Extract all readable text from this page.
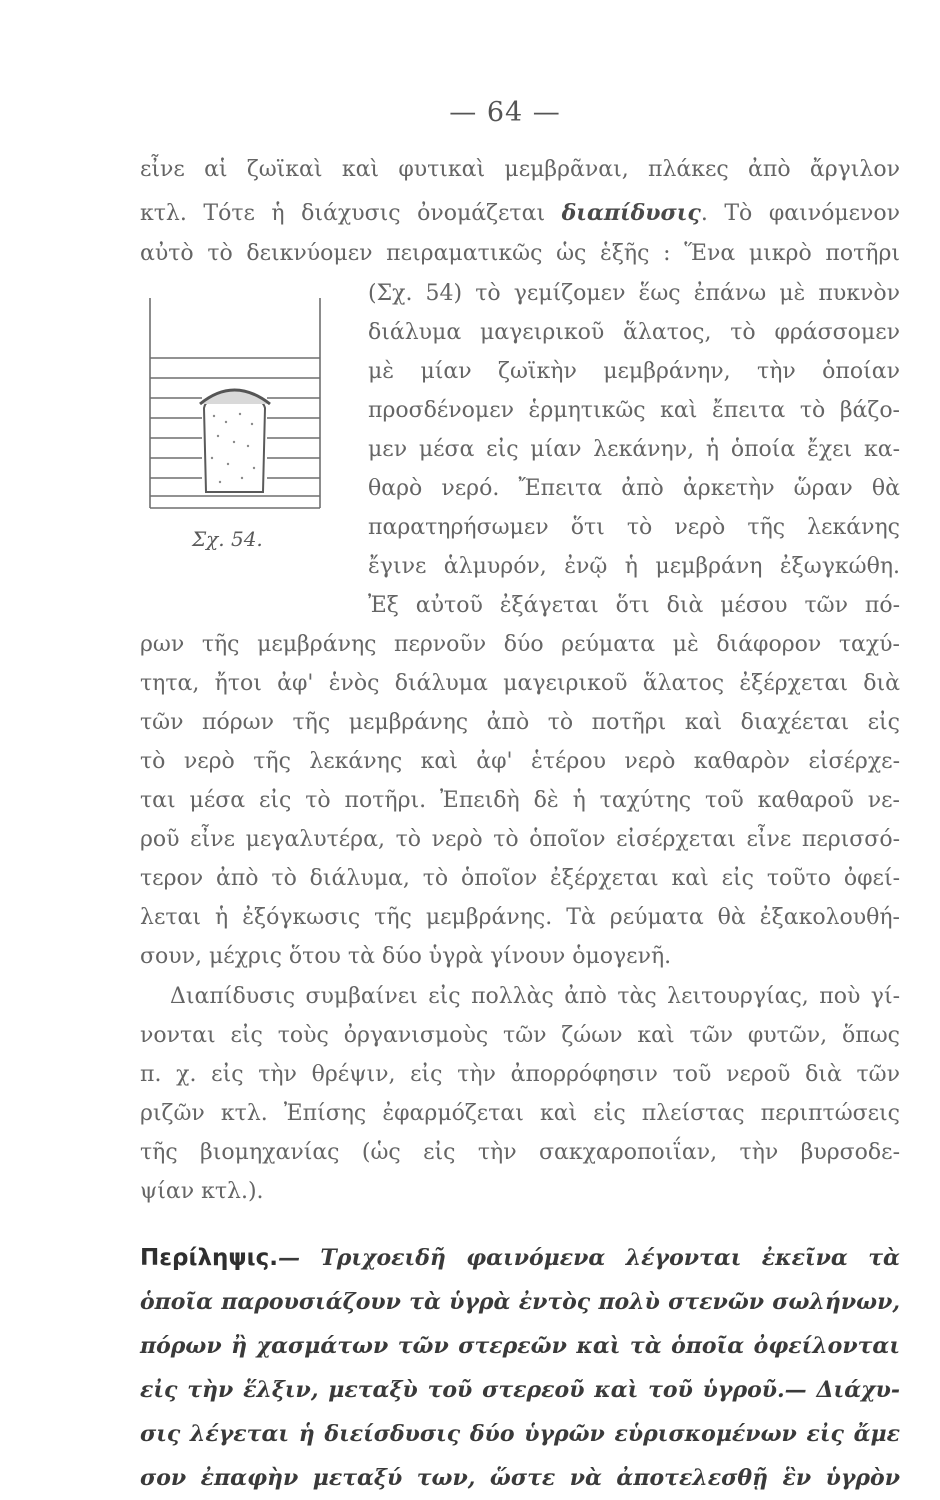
— 64 —
εἶνε αἱ ζωϊκαὶ καὶ φυτικαὶ μεμβρᾶναι, πλάκες ἀπὸ ἄργιλον
κτλ. Τότε ἡ διάχυσις ὀνομάζεται διαπίδυσις. Τὸ φαινόμενον
αὐτὸ τὸ δεικνύομεν πειραματικῶς ὡς ἑξῆς : Ἕνα μικρὸ ποτῆρι
Σχ. 54.
(Σχ. 54) τὸ γεμίζομεν ἕως ἐπάνω μὲ πυκνὸν
διάλυμα μαγειρικοῦ ἅλατος, τὸ φράσσομεν
μὲ μίαν ζωϊκὴν μεμβράνην, τὴν ὁποίαν
προσδένομεν ἑρμητικῶς καὶ ἔπειτα τὸ βάζο-
μεν μέσα εἰς μίαν λεκάνην, ἡ ὁποία ἔχει κα-
θαρὸ νερό. Ἔπειτα ἀπὸ ἀρκετὴν ὥραν θὰ
παρατηρήσωμεν ὅτι τὸ νερὸ τῆς λεκάνης
ἔγινε ἁλμυρόν, ἐνῷ ἡ μεμβράνη ἐξωγκώθη.
Ἐξ αὐτοῦ ἐξάγεται ὅτι διὰ μέσου τῶν πό-
ρων τῆς μεμβράνης περνοῦν δύο ρεύματα μὲ διάφορον ταχύ-
τητα, ἤτοι ἀφ' ἑνὸς διάλυμα μαγειρικοῦ ἅλατος ἐξέρχεται διὰ
τῶν πόρων τῆς μεμβράνης ἀπὸ τὸ ποτῆρι καὶ διαχέεται εἰς
τὸ νερὸ τῆς λεκάνης καὶ ἀφ' ἑτέρου νερὸ καθαρὸν εἰσέρχε-
ται μέσα εἰς τὸ ποτῆρι. Ἐπειδὴ δὲ ἡ ταχύτης τοῦ καθαροῦ νε-
ροῦ εἶνε μεγαλυτέρα, τὸ νερὸ τὸ ὁποῖον εἰσέρχεται εἶνε περισσό-
τερον ἀπὸ τὸ διάλυμα, τὸ ὁποῖον ἐξέρχεται καὶ εἰς τοῦτο ὀφεί-
λεται ἡ ἐξόγκωσις τῆς μεμβράνης. Τὰ ρεύματα θὰ ἐξακολουθή-
σουν, μέχρις ὅτου τὰ δύο ὑγρὰ γίνουν ὁμογενῆ.
Διαπίδυσις συμβαίνει εἰς πολλὰς ἀπὸ τὰς λειτουργίας, ποὺ γί-
νονται εἰς τοὺς ὀργανισμοὺς τῶν ζώων καὶ τῶν φυτῶν, ὅπως
π. χ. εἰς τὴν θρέψιν, εἰς τὴν ἀπορρόφησιν τοῦ νεροῦ διὰ τῶν
ριζῶν κτλ. Ἐπίσης ἐφαρμόζεται καὶ εἰς πλείστας περιπτώσεις
τῆς βιομηχανίας (ὡς εἰς τὴν σακχαροποιΐαν, τὴν βυρσοδε-
ψίαν κτλ.).
Περίληψις.— Τριχοειδῆ φαινόμενα λέγονται ἐκεῖνα τὰ
ὁποῖα παρουσιάζουν τὰ ὑγρὰ ἐντὸς πολὺ στενῶν σωλήνων,
πόρων ἢ χασμάτων τῶν στερεῶν καὶ τὰ ὁποῖα ὀφείλονται
εἰς τὴν ἕλξιν, μεταξὺ τοῦ στερεοῦ καὶ τοῦ ὑγροῦ.— Διάχυ-
σις λέγεται ἡ διείσδυσις δύο ὑγρῶν εὑρισκομένων εἰς ἄμε
σον ἐπαφὴν μεταξύ των, ὥστε νὰ ἀποτελεσθῇ ἓν ὑγρὸν
